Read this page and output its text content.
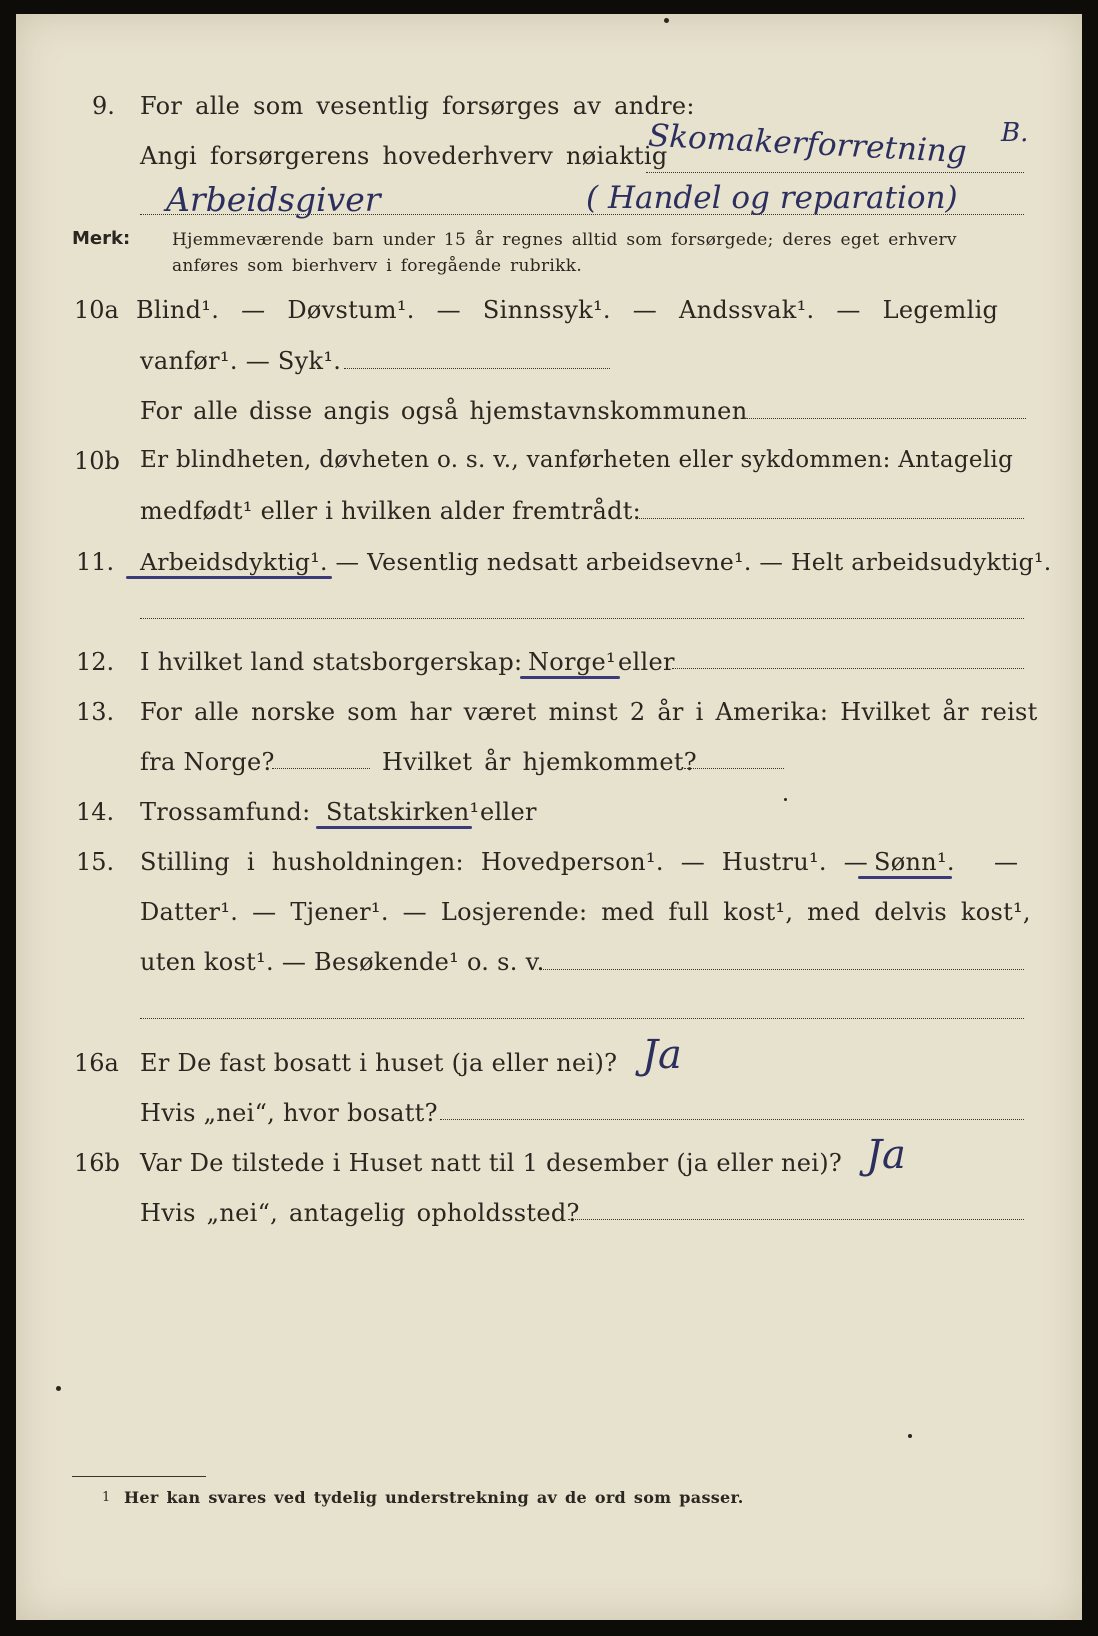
9. For alle som vesentlig forsørges av andre:
Angi forsørgerens hovederhverv nøiaktig
Skomakerforretning B.
Arbeidsgiver	( Handel og reparation)
Merk: Hjemmeværende barn under 15 år regnes alltid som forsørgede; deres eget erhverv
anføres som bierhverv i foregående rubrikk.
10a Blind¹. — Døvstum¹. — Sinnssyk¹. — Andssvak¹. — Legemlig
vanfør¹. — Syk¹.
For alle disse angis også hjemstavnskommunen
10b Er blindheten, døvheten o. s. v., vanførheten eller sykdommen: Antagelig
medfødt¹ eller i hvilken alder fremtrådt:
11. Arbeidsdyktig¹. — Vesentlig nedsatt arbeidsevne¹. — Helt arbeidsudyktig¹.
12. I hvilket land statsborgerskap: Norge¹ eller
13. For alle norske som har været minst 2 år i Amerika: Hvilket år reist
fra Norge?	Hvilket år hjemkommet?
14. Trossamfund: Statskirken¹ eller
15. Stilling i husholdningen: Hovedperson¹. — Hustru¹. — Sønn¹. —
Datter¹. — Tjener¹. — Losjerende: med full kost¹, med delvis kost¹,
uten kost¹. — Besøkende¹ o. s. v.
16a Er De fast bosatt i huset (ja eller nei)? Ja
Hvis „nei“, hvor bosatt?
16b Var De tilstede i Huset natt til 1 desember (ja eller nei)? Ja
Hvis „nei“, antagelig opholdssted?
1 Her kan svares ved tydelig understrekning av de ord som passer.
